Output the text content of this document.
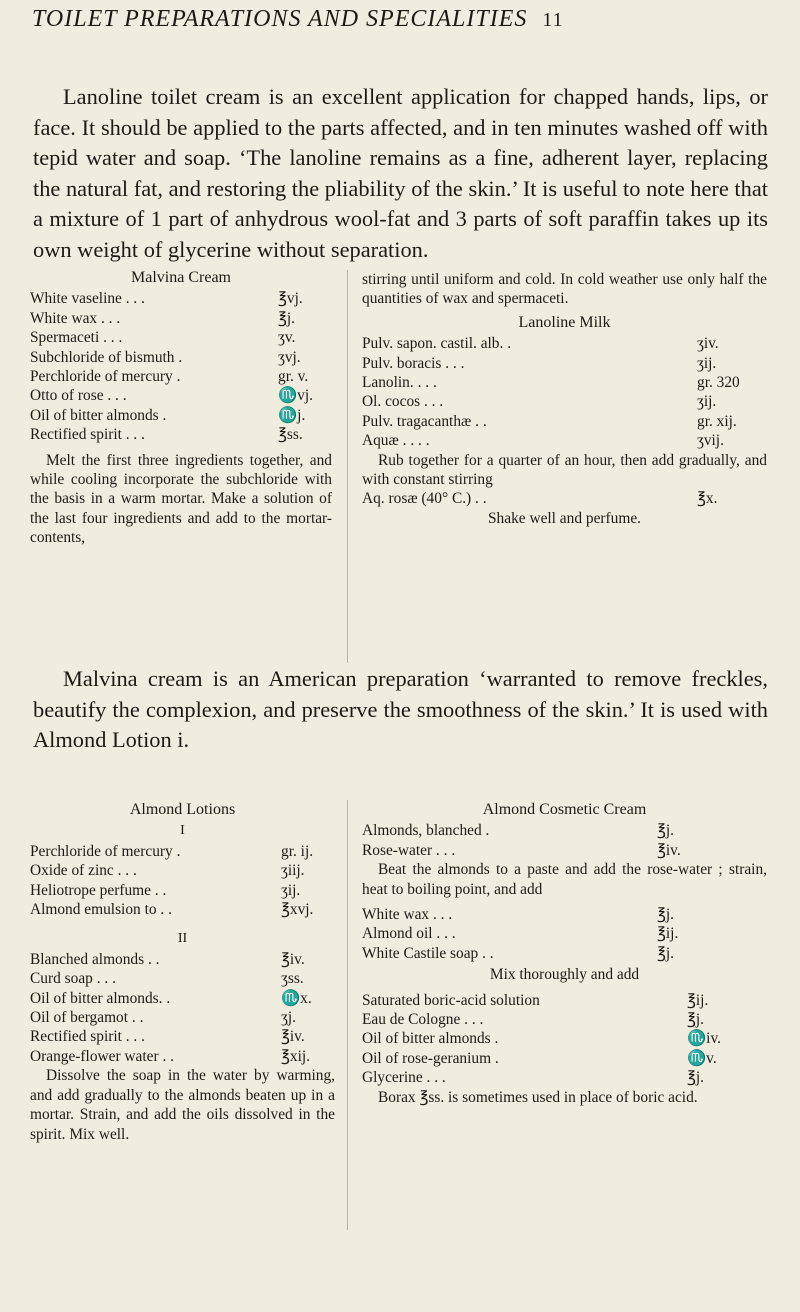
TOILET PREPARATIONS AND SPECIALITIES 11
Lanoline toilet cream is an excellent application for chapped hands, lips, or face. It should be applied to the parts affected, and in ten minutes washed off with tepid water and soap. ‘The lanoline remains as a fine, adherent layer, replacing the natural fat, and restoring the pliability of the skin.’ It is useful to note here that a mixture of 1 part of anhydrous wool-fat and 3 parts of soft paraffin takes up its own weight of glycerine without separation.
Malvina Cream
White vaseline . . .	℥vj.
White wax . . .	℥j.
Spermaceti . . .	ʒv.
Subchloride of bismuth .	ʒvj.
Perchloride of mercury .	gr. v.
Otto of rose . . .	♏vj.
Oil of bitter almonds .	♏j.
Rectified spirit . . .	℥ss.
Melt the first three ingredients together, and while cooling incorporate the subchloride with the basis in a warm mortar. Make a solution of the last four ingredients and add to the mortar-contents,
stirring until uniform and cold. In cold weather use only half the quantities of wax and spermaceti.
Lanoline Milk
Pulv. sapon. castil. alb. .	ʒiv.
Pulv. boracis . . .	ʒij.
Lanolin. . . .	gr. 320
Ol. cocos . . .	ʒij.
Pulv. tragacanthæ . .	gr. xij.
Aquæ . . . .	ʒvij.
Rub together for a quarter of an hour, then add gradually, and with constant stirring
Aq. rosæ (40° C.) . .	℥x.
Shake well and perfume.
Malvina cream is an American preparation ‘warranted to remove freckles, beautify the complexion, and preserve the smoothness of the skin.’ It is used with Almond Lotion i.
Almond Lotions
I
Perchloride of mercury .	gr. ij.
Oxide of zinc . . .	ʒiij.
Heliotrope perfume . .	ʒij.
Almond emulsion to . .	℥xvj.
II
Blanched almonds . .	℥iv.
Curd soap . . .	ʒss.
Oil of bitter almonds. .	♏x.
Oil of bergamot . .	ʒj.
Rectified spirit . . .	℥iv.
Orange-flower water . .	℥xij.
Dissolve the soap in the water by warming, and add gradually to the almonds beaten up in a mortar. Strain, and add the oils dissolved in the spirit. Mix well.
Almond Cosmetic Cream
Almonds, blanched .	℥j.
Rose-water . . .	℥iv.
Beat the almonds to a paste and add the rose-water ; strain, heat to boiling point, and add
White wax . . .	℥j.
Almond oil . . .	℥ij.
White Castile soap . .	℥j.
Mix thoroughly and add
Saturated boric-acid solution	℥ij.
Eau de Cologne . . .	℥j.
Oil of bitter almonds .	♏iv.
Oil of rose-geranium .	♏v.
Glycerine . . .	℥j.
Borax ℥ss. is sometimes used in place of boric acid.
